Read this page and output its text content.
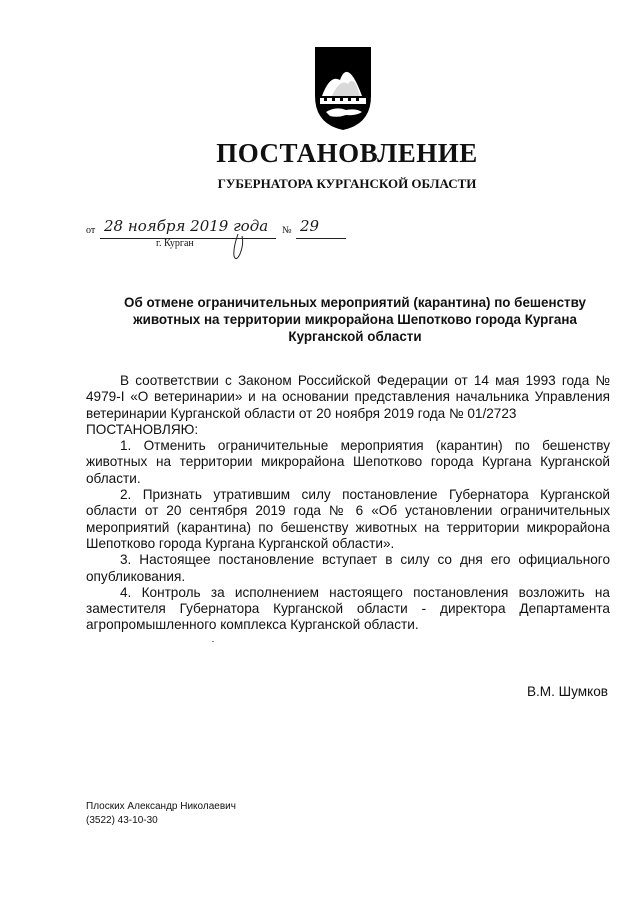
ПОСТАНОВЛЕНИЕ
ГУБЕРНАТОРА КУРГАНСКОЙ ОБЛАСТИ
от 28 ноября 2019 года № 29
г. Курган
Об отмене ограничительных мероприятий (карантина) по бешенству
животных на территории микрорайона Шепотково города Кургана
Курганской области

В соответствии с Законом Российской Федерации от 14 мая 1993 года № 4979-I «О ветеринарии» и на основании представления начальника Управления ветеринарии Курганской области от 20 ноября 2019 года № 01/2723

ПОСТАНОВЛЯЮ:

1. Отменить ограничительные мероприятия (карантин) по бешенству животных на территории микрорайона Шепотково города Кургана Курганской области.

2. Признать утратившим силу постановление Губернатора Курганской области от 20 сентября 2019 года № 6 «Об установлении ограничительных мероприятий (карантина) по бешенству животных на территории микрорайона Шепотково города Кургана Курганской области».

3. Настоящее постановление вступает в силу со дня его официального опубликования.

4. Контроль за исполнением настоящего постановления возложить на заместителя Губернатора Курганской области - директора Департамента агропромышленного комплекса Курганской области.

В.М. Шумков
Плоских Александр Николаевич
(3522) 43-10-30
